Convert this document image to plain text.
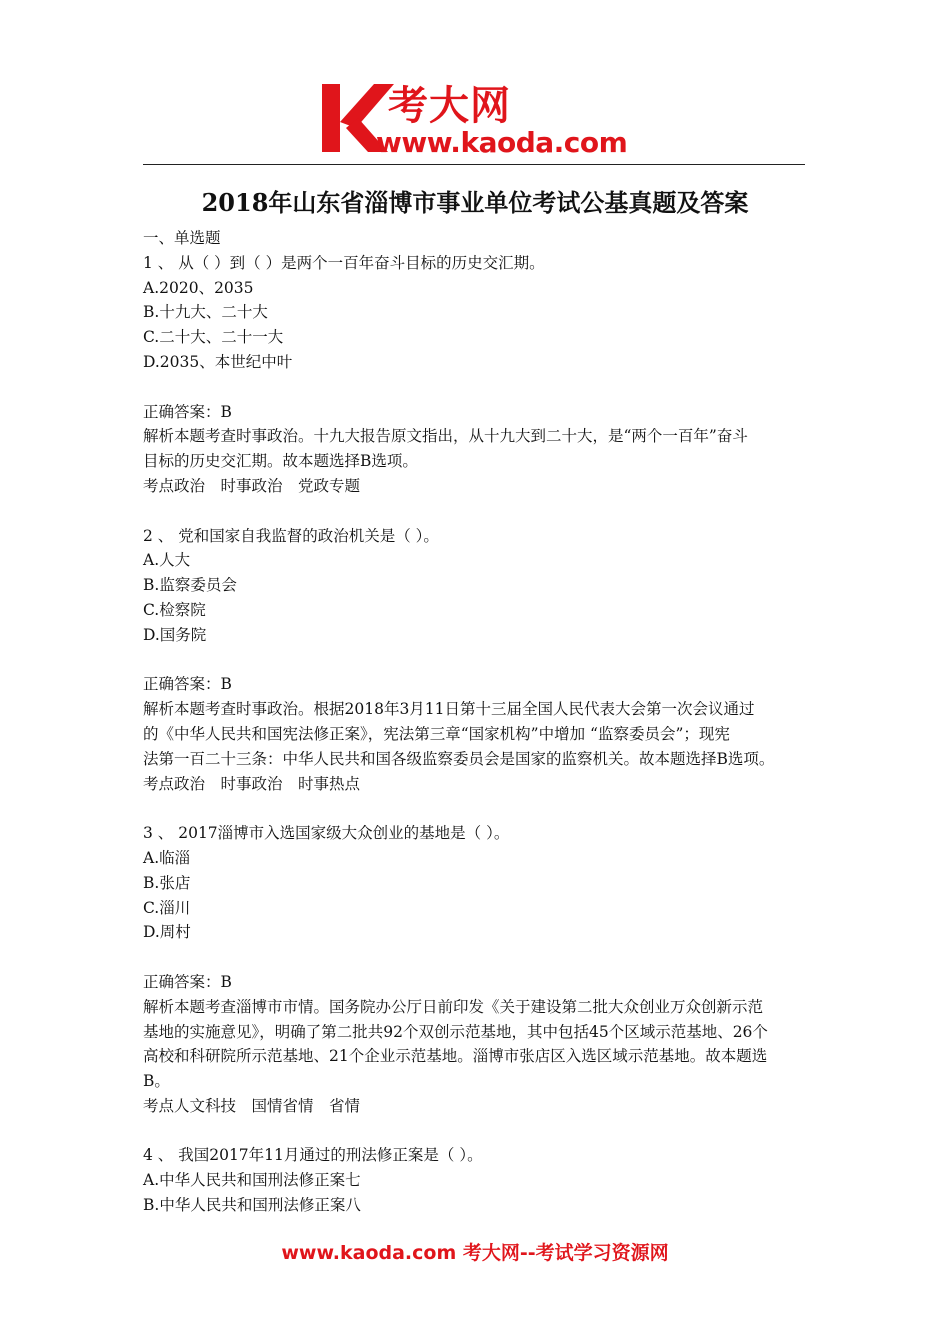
考大网
www.kaoda.com
2018年山东省淄博市事业单位考试公基真题及答案

一、单选题

1 、 从（ ）到（ ）是两个一百年奋斗目标的历史交汇期。

A.2020、2035

B.十九大、二十大

C.二十大、二十一大

D.2035、本世纪中叶

正确答案：B

解析本题考查时事政治。十九大报告原文指出，从十九大到二十大，是“两个一百年”奋斗

目标的历史交汇期。故本题选择B选项。

考点政治　时事政治　党政专题

2 、 党和国家自我监督的政治机关是（ ）。

A.人大

B.监察委员会

C.检察院

D.国务院

正确答案：B

解析本题考查时事政治。根据2018年3月11日第十三届全国人民代表大会第一次会议通过

的《中华人民共和国宪法修正案》，宪法第三章“国家机构”中增加 “监察委员会”；现宪

法第一百二十三条：中华人民共和国各级监察委员会是国家的监察机关。故本题选择B选项。

考点政治　时事政治　时事热点

3 、 2017淄博市入选国家级大众创业的基地是（ ）。

A.临淄

B.张店

C.淄川

D.周村

正确答案：B

解析本题考查淄博市市情。国务院办公厅日前印发《关于建设第二批大众创业万众创新示范

基地的实施意见》，明确了第二批共92个双创示范基地，其中包括45个区域示范基地、26个

高校和科研院所示范基地、21个企业示范基地。淄博市张店区入选区域示范基地。故本题选

B。

考点人文科技　国情省情　省情

4 、 我国2017年11月通过的刑法修正案是（ ）。

A.中华人民共和国刑法修正案七

B.中华人民共和国刑法修正案八

www.kaoda.com 考大网--考试学习资源网
